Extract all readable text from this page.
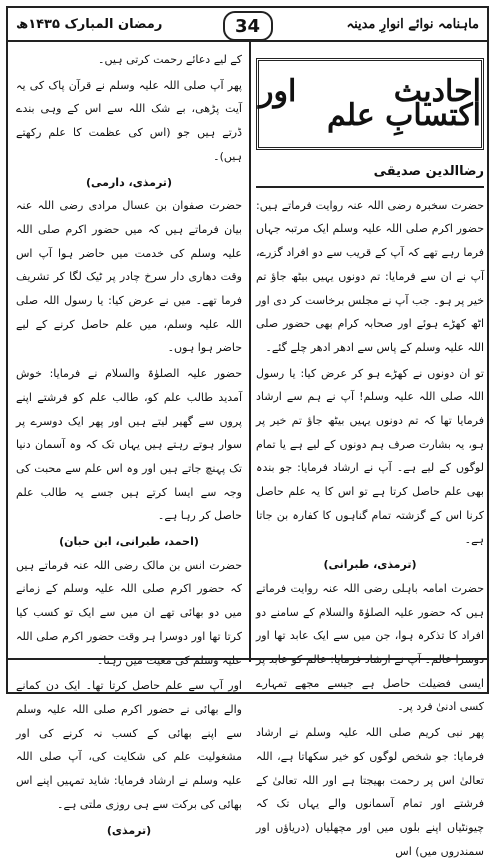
ماہنامہ نوائے انوارِ مدینہ
رمضان المبارک ۱۴۳۵ھ	34
احادیث اور اکتسابِ علم
رضاالدین صدیقی

حضرت سخبرہ رضی اللہ عنہ روایت فرماتے ہیں: حضور اکرم صلی اللہ علیہ وسلم ایک مرتبہ جہاں فرما رہے تھے کہ آپ کے قریب سے دو افراد گزرے، آپ نے ان سے فرمایا: تم دونوں یہیں بیٹھ جاؤ تم خیر پر ہو۔ جب آپ نے مجلس برخاست کر دی اور اٹھ کھڑے ہوئے اور صحابہ کرام بھی حضور صلی اللہ علیہ وسلم کے پاس سے ادھر ادھر چلے گئے۔

تو ان دونوں نے کھڑے ہو کر عرض کیا: یا رسول اللہ صلی اللہ علیہ وسلم! آپ نے ہم سے ارشاد فرمایا تھا کہ تم دونوں یہیں بیٹھ جاؤ تم خیر پر ہو، یہ بشارت صرف ہم دونوں کے لیے ہے یا تمام لوگوں کے لیے ہے۔ آپ نے ارشاد فرمایا: جو بندہ بھی علم حاصل کرتا ہے تو اس کا یہ علم حاصل کرنا اس کے گزشتہ تمام گناہوں کا کفارہ بن جاتا ہے۔

(ترمذی، طبرانی)

حضرت امامہ باہلی رضی اللہ عنہ روایت فرماتے ہیں کہ حضور علیہ الصلوٰۃ والسلام کے سامنے دو افراد کا تذکرہ ہوا، جن میں سے ایک عابد تھا اور دوسرا عالم۔ آپ نے ارشاد فرمایا: عالم کو عابد پر ایسی فضیلت حاصل ہے جیسے مجھے تمہارے کسی ادنیٰ فرد پر۔

پھر نبی کریم صلی اللہ علیہ وسلم نے ارشاد فرمایا: جو شخص لوگوں کو خیر سکھاتا ہے، اللہ تعالیٰ اس پر رحمت بھیجتا ہے اور اللہ تعالیٰ کے فرشتے اور تمام آسمانوں والے یہاں تک کہ چیونٹیاں اپنے بلوں میں اور مچھلیاں (دریاؤں اور سمندروں میں) اس

کے لیے دعائے رحمت کرتی ہیں۔

پھر آپ صلی اللہ علیہ وسلم نے قرآن پاک کی یہ آیت پڑھی، بے شک اللہ سے اس کے وہی بندے ڈرتے ہیں جو (اس کی عظمت کا علم رکھتے ہیں)۔

(ترمذی، دارمی)

حضرت صفوان بن عسال مرادی رضی اللہ عنہ بیان فرماتے ہیں کہ میں حضور اکرم صلی اللہ علیہ وسلم کی خدمت میں حاضر ہوا آپ اس وقت دھاری دار سرخ چادر پر ٹیک لگا کر تشریف فرما تھے۔ میں نے عرض کیا: یا رسول اللہ صلی اللہ علیہ وسلم، میں علم حاصل کرنے کے لیے حاضر ہوا ہوں۔

حضور علیہ الصلوٰۃ والسلام نے فرمایا: خوش آمدید طالب علم کو، طالب علم کو فرشتے اپنے پروں سے گھیر لیتے ہیں اور پھر ایک دوسرے پر سوار ہوتے رہتے ہیں یہاں تک کہ وہ آسمان دنیا تک پہنچ جاتے ہیں اور وہ اس علم سے محبت کی وجہ سے ایسا کرتے ہیں جسے یہ طالب علم حاصل کر رہا ہے۔

(احمد، طبرانی، ابن حبان)

حضرت انس بن مالک رضی اللہ عنہ فرماتے ہیں کہ حضور اکرم صلی اللہ علیہ وسلم کے زمانے میں دو بھائی تھے ان میں سے ایک تو کسب کیا کرتا تھا اور دوسرا ہر وقت حضور اکرم صلی اللہ علیہ وسلم کی معیت میں رہتا۔

اور آپ سے علم حاصل کرتا تھا۔ ایک دن کمانے والے بھائی نے حضور اکرم صلی اللہ علیہ وسلم سے اپنے بھائی کے کسب نہ کرنے کی اور مشغولیت علم کی شکایت کی، آپ صلی اللہ علیہ وسلم نے ارشاد فرمایا: شاید تمہیں اپنے اس بھائی کی برکت سے ہی روزی ملتی ہے۔

(ترمذی)
